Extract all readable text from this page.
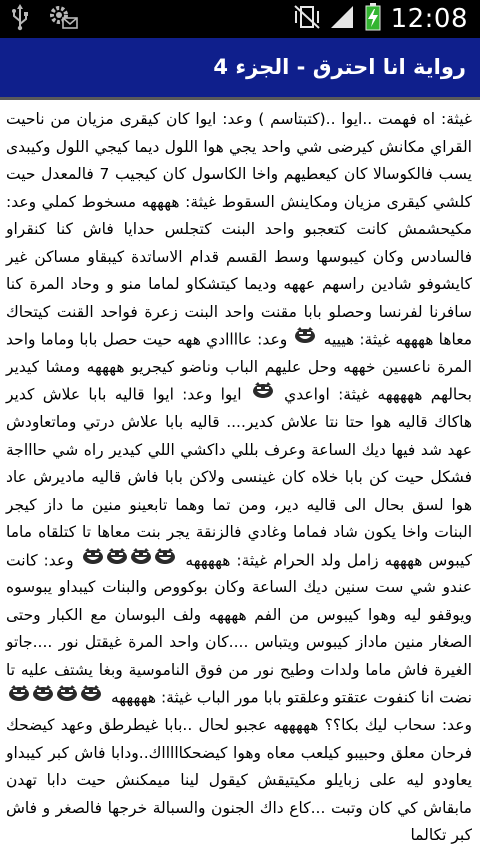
12:08
رواية انا احترق - الجزء 4
غيثة: اه فهمت ..ايوا ..(كتبتاسم ) وعد: ايوا كان كيقرى مزيان من ناحيت القراي مكانش كيرضى شي واحد يجي هوا اللول ديما كيجي اللول وكيبدى يسب فالكوسالا كان كيعطيهم واخا الكاسول كان كيجيب 7 فالمعدل حيت كلشي كيقرى مزيان ومكاينش السقوط غيثة: ههههه مسخوط كملي وعد: مكيحشمش كانت كتعجبو واحد البنت كتجلس حدايا فاش كنا كنقراو فالسادس وكان كيبوسها وسط القسم قدام الاساتدة كيبقاو مساكن غير كايشوفو شادين راسهم عههه وديما كيتشكاو لماما منو و وحاد المرة كنا سافرنا لفرنسا وحصلو بابا مقنت واحد البنت زعرة فواحد القنت كيتحاك معاها ههههه غيثة: هيييه  وعد: عاااادي ههه حيت حصل بابا وماما واحد المرة ناعسين خههه وحل عليهم الباب وناضو كيجريو ههههه ومشا كيدير بحالهم هههههه غيثة: اواعدي  ايوا وعد: ايوا قاليه بابا علاش كدير هاكاك قاليه هوا حتا نتا علاش كدير.... قاليه بابا علاش درتي وماتعاودش عهد شد فيها ديك الساعة وعرف بللي داكشي اللي كيدير راه شي حاااجة فشكل حيت كن بابا خلاه كان غينسى ولاكن بابا فاش قاليه ماديرش عاد هوا لسق بحال الى قاليه دير، ومن تما وهما تابعينو منين ما داز كيجر البنات واخا يكون شاد فماما وغادي فالزنقة يجر بنت معاها تا كتلقاه ماما كيبوس ههههه زامل ولد الحرام غيثة: هههههه  وعد: كانت عندو شي ست سنين ديك الساعة وكان بوكووص والبنات كيبداو يبوسوه ويوقفو ليه وهوا كيبوس من الفم ههههه ولف البوسان مع الكبار وحتى الصغار منين ماداز كيبوس ويتباس ....كان واحد المرة غيقتل نور ....جاتو الغيرة فاش ماما ولدات وطيح نور من فوق الناموسية وبغا يشتف عليه تا نضت انا كنفوت عتقتو وعلقتو بابا مور الباب غيثة: هههههه  وعد: سحاب ليك بكا؟؟ هههههه عجبو لحال ..بابا غيطرطق وعهد كيضحك فرحان معلق وحبيبو كيلعب معاه وهوا كيضحكاااااك..ودابا فاش كبر كيبداو يعاودو ليه على زبايلو مكيتيقش كيقول لينا ميمكنش حيت دابا تهدن مابقاش كي كان وتبت ...كاع داك الجنون والسبالة خرجها فالصغر و فاش كبر تكالما
